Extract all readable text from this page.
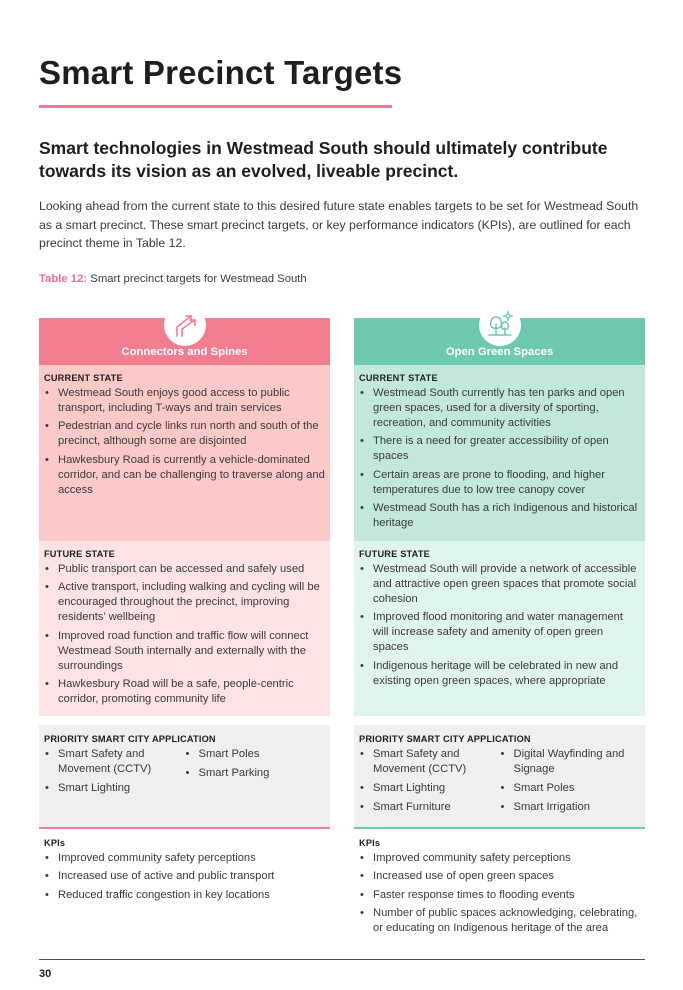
Smart Precinct Targets
Smart technologies in Westmead South should ultimately contribute towards its vision as an evolved, liveable precinct.
Looking ahead from the current state to this desired future state enables targets to be set for Westmead South as a smart precinct. These smart precinct targets, or key performance indicators (KPIs), are outlined for each precinct theme in Table 12.
Table 12: Smart precinct targets for Westmead South
Connectors and Spines
CURRENT STATE
• Westmead South enjoys good access to public transport, including T-ways and train services
• Pedestrian and cycle links run north and south of the precinct, although some are disjointed
• Hawkesbury Road is currently a vehicle-dominated corridor, and can be challenging to traverse along and access
FUTURE STATE
• Public transport can be accessed and safely used
• Active transport, including walking and cycling will be encouraged throughout the precinct, improving residents’ wellbeing
• Improved road function and traffic flow will connect Westmead South internally and externally with the surroundings
• Hawkesbury Road will be a safe, people-centric corridor, promoting community life
PRIORITY SMART CITY APPLICATION
• Smart Safety and Movement (CCTV)
• Smart Lighting
• Smart Poles
• Smart Parking
KPIs
• Improved community safety perceptions
• Increased use of active and public transport
• Reduced traffic congestion in key locations
Open Green Spaces
CURRENT STATE
• Westmead South currently has ten parks and open green spaces, used for a diversity of sporting, recreation, and community activities
• There is a need for greater accessibility of open spaces
• Certain areas are prone to flooding, and higher temperatures due to low tree canopy cover
• Westmead South has a rich Indigenous and historical heritage
FUTURE STATE
• Westmead South will provide a network of accessible and attractive open green spaces that promote social cohesion
• Improved flood monitoring and water management will increase safety and amenity of open green spaces
• Indigenous heritage will be celebrated in new and existing open green spaces, where appropriate
PRIORITY SMART CITY APPLICATION
• Smart Safety and Movement (CCTV)
• Smart Lighting
• Smart Furniture
• Digital Wayfinding and Signage
• Smart Poles
• Smart Irrigation
KPIs
• Improved community safety perceptions
• Increased use of open green spaces
• Faster response times to flooding events
• Number of public spaces acknowledging, celebrating, or educating on Indigenous heritage of the area
30
